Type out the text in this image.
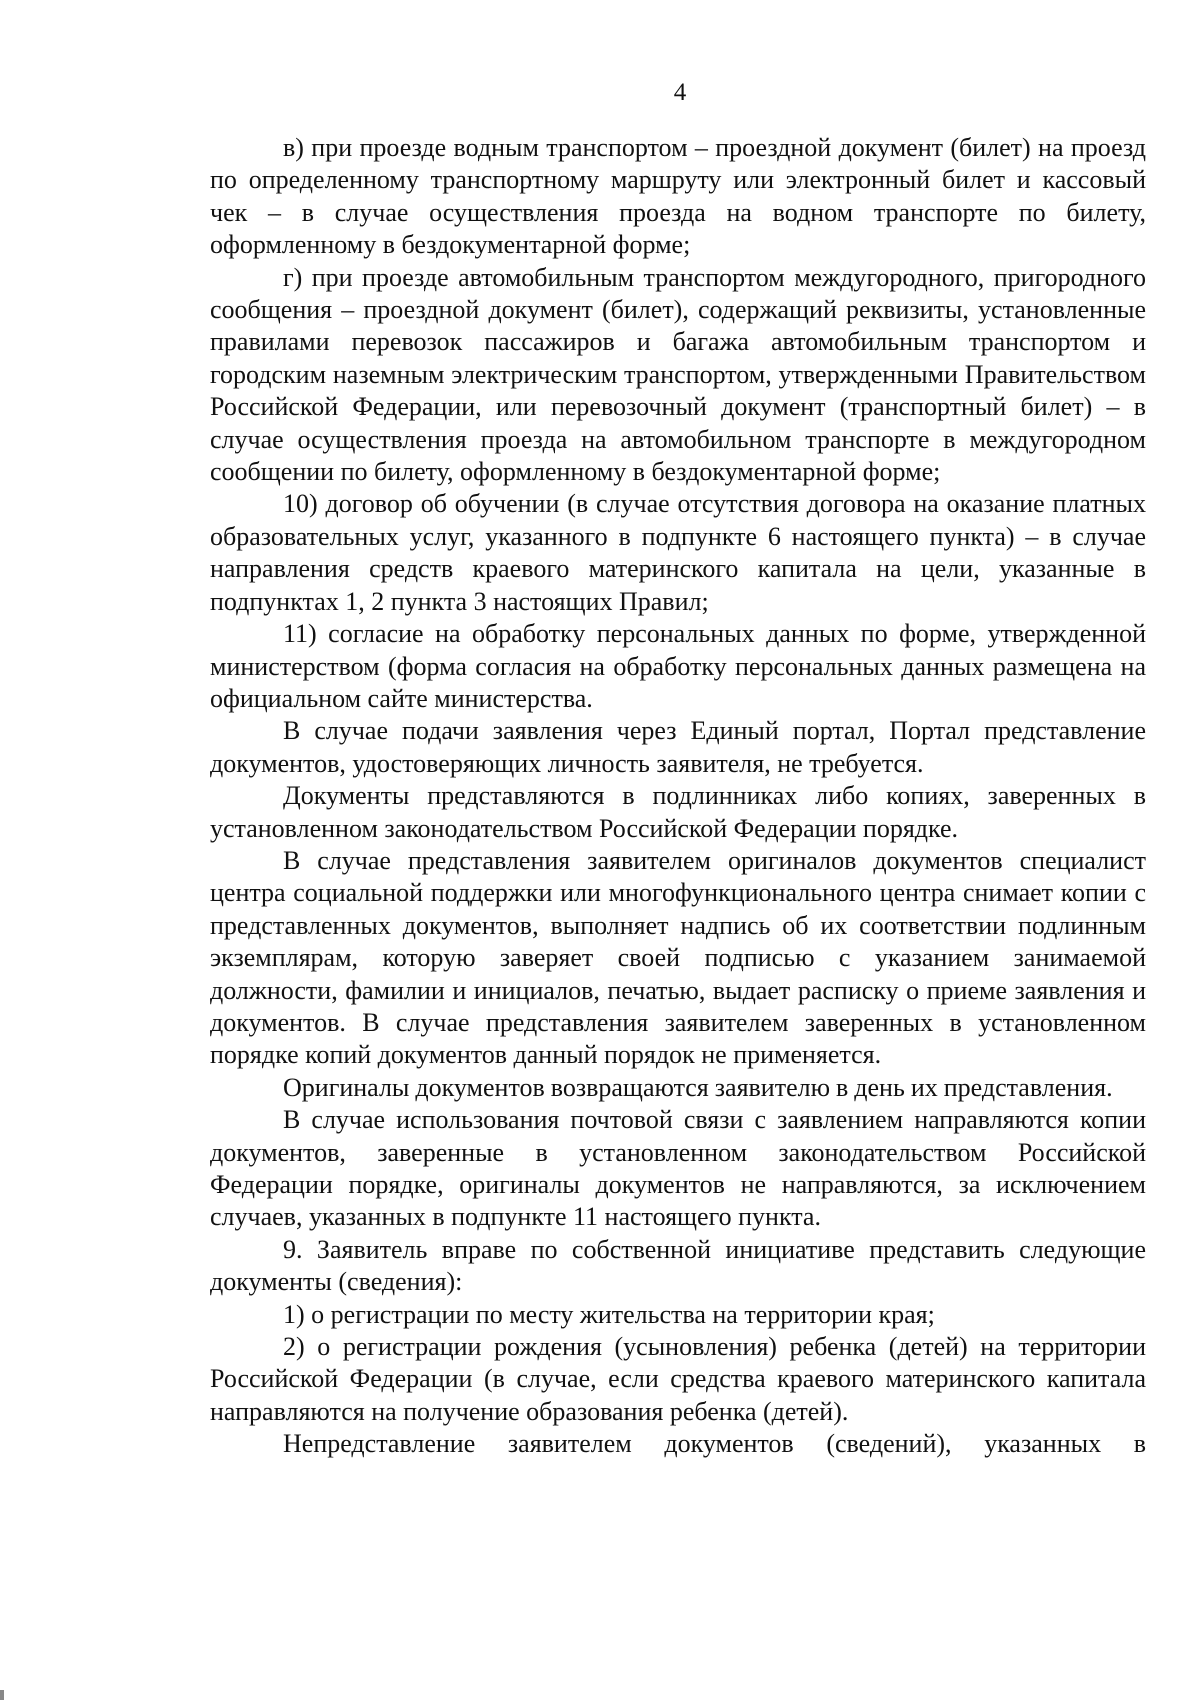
4

в) при проезде водным транспортом – проездной документ (билет) на проезд по определенному транспортному маршруту или электронный билет и кассовый чек – в случае осуществления проезда на водном транспорте по билету, оформленному в бездокументарной форме;

г) при проезде автомобильным транспортом междугородного, пригородного сообщения – проездной документ (билет), содержащий реквизиты, установленные правилами перевозок пассажиров и багажа автомобильным транспортом и городским наземным электрическим транспортом, утвержденными Правительством Российской Федерации, или перевозочный документ (транспортный билет) – в случае осуществления проезда на автомобильном транспорте в междугородном сообщении по билету, оформленному в бездокументарной форме;

10) договор об обучении (в случае отсутствия договора на оказание платных образовательных услуг, указанного в подпункте 6 настоящего пункта) – в случае направления средств краевого материнского капитала на цели, указанные в подпунктах 1, 2 пункта 3 настоящих Правил;

11) согласие на обработку персональных данных по форме, утвержденной министерством (форма согласия на обработку персональных данных размещена на официальном сайте министерства.

В случае подачи заявления через Единый портал, Портал представление документов, удостоверяющих личность заявителя, не требуется.

Документы представляются в подлинниках либо копиях, заверенных в установленном законодательством Российской Федерации порядке.

В случае представления заявителем оригиналов документов специалист центра социальной поддержки или многофункционального центра снимает копии с представленных документов, выполняет надпись об их соответствии подлинным экземплярам, которую заверяет своей подписью с указанием занимаемой должности, фамилии и инициалов, печатью, выдает расписку о приеме заявления и документов. В случае представления заявителем заверенных в установленном порядке копий документов данный порядок не применяется.

Оригиналы документов возвращаются заявителю в день их представления.

В случае использования почтовой связи с заявлением направляются копии документов, заверенные в установленном законодательством Российской Федерации порядке, оригиналы документов не направляются, за исключением случаев, указанных в подпункте 11 настоящего пункта.

9. Заявитель вправе по собственной инициативе представить следующие документы (сведения):

1) о регистрации по месту жительства на территории края;

2) о регистрации рождения (усыновления) ребенка (детей) на территории Российской Федерации (в случае, если средства краевого материнского капитала направляются на получение образования ребенка (детей).

Непредставление заявителем документов (сведений), указанных в
